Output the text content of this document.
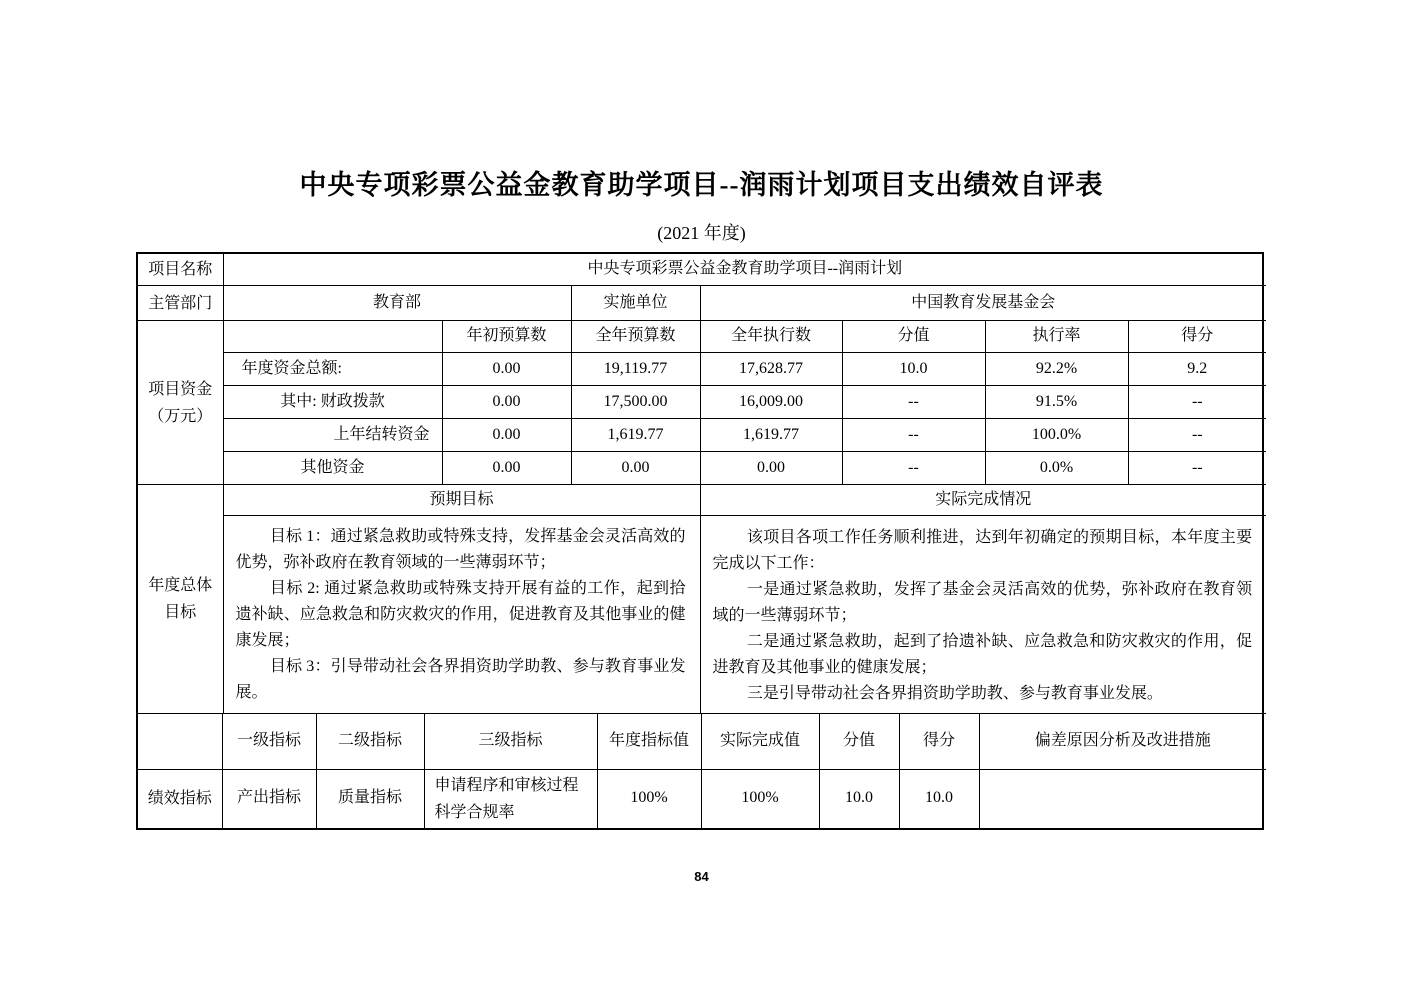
中央专项彩票公益金教育助学项目--润雨计划项目支出绩效自评表
(2021 年度)
项目名称	中央专项彩票公益金教育助学项目--润雨计划						
主管部门	教育部		实施单位	中国教育发展基金会			
项目资金（万元）		年初预算数	全年预算数	全年执行数	分值	执行率	得分
	年度资金总额:	0.00	19,119.77	17,628.77	10.0	92.2%	9.2
	其中: 财政拨款	0.00	17,500.00	16,009.00	--	91.5%	--
	上年结转资金	0.00	1,619.77	1,619.77	--	100.0%	--
	其他资金	0.00	0.00	0.00	--	0.0%	--
年度总体目标	预期目标			实际完成情况			

目标 1：通过紧急救助或特殊支持，发挥基金会灵活高效的优势，弥补政府在教育领域的一些薄弱环节；

目标 2: 通过紧急救助或特殊支持开展有益的工作，起到拾遗补缺、应急救急和防灾救灾的作用，促进教育及其他事业的健康发展；

目标 3：引导带动社会各界捐资助学助教、参与教育事业发展。

该项目各项工作任务顺利推进，达到年初确定的预期目标，本年度主要完成以下工作：

一是通过紧急救助，发挥了基金会灵活高效的优势，弥补政府在教育领域的一些薄弱环节；

二是通过紧急救助，起到了拾遗补缺、应急救急和防灾救灾的作用，促进教育及其他事业的健康发展；

三是引导带动社会各界捐资助学助教、参与教育事业发展。

	一级指标	二级指标	三级指标	年度指标值	实际完成值	分值	得分	偏差原因分析及改进措施
绩效指标	产出指标	质量指标	申请程序和审核过程科学合规率	100%	100%	10.0	10.0	
84
